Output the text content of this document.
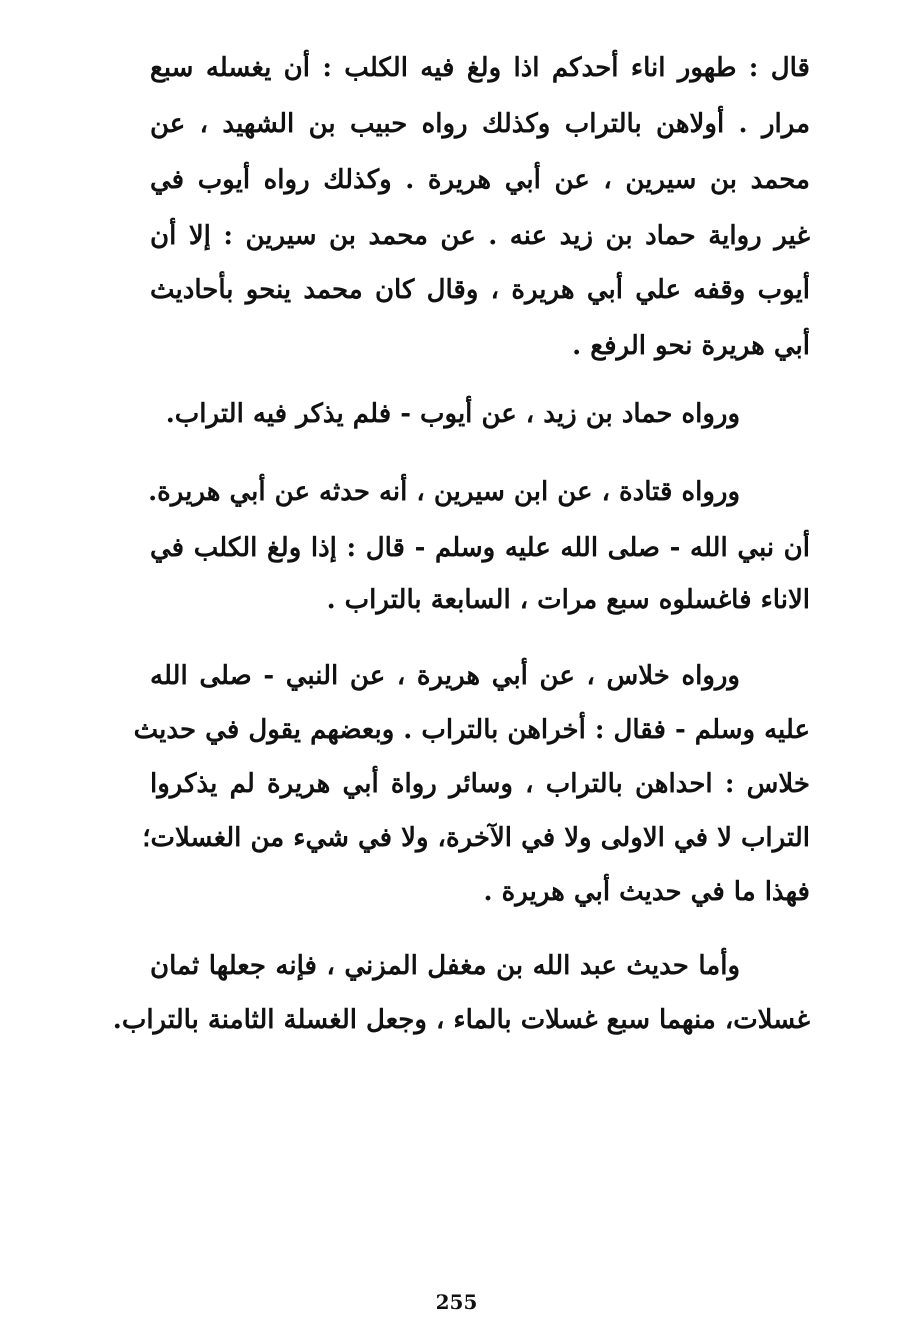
قال : طهور اناء أحدكم اذا ولغ فيه الكلب : أن يغسله سبع
مرار . أولاهن بالتراب وكذلك رواه حبيب بن الشهيد ، عن
محمد بن سيرين ، عن أبي هريرة . وكذلك رواه أيوب في
غير رواية حماد بن زيد عنه . عن محمد بن سيرين : إلا أن
أيوب وقفه علي أبي هريرة ، وقال كان محمد ينحو بأحاديث
أبي هريرة نحو الرفع .
ورواه حماد بن زيد ، عن أيوب - فلم يذكر فيه التراب.
ورواه قتادة ، عن ابن سيرين ، أنه حدثه عن أبي هريرة.
أن نبي الله - صلى الله عليه وسلم - قال : إذا ولغ الكلب في
الاناء فاغسلوه سبع مرات ، السابعة بالتراب .
ورواه خلاس ، عن أبي هريرة ، عن النبي - صلى الله
عليه وسلم - فقال : أخراهن بالتراب . وبعضهم يقول في حديث
خلاس : احداهن بالتراب ، وسائر رواة أبي هريرة لم يذكروا
التراب لا في الاولى ولا في الآخرة، ولا في شيء من الغسلات؛
فهذا ما في حديث أبي هريرة .
وأما حديث عبد الله بن مغفل المزني ، فإنه جعلها ثمان
غسلات، منهما سبع غسلات بالماء ، وجعل الغسلة الثامنة بالتراب.
255
